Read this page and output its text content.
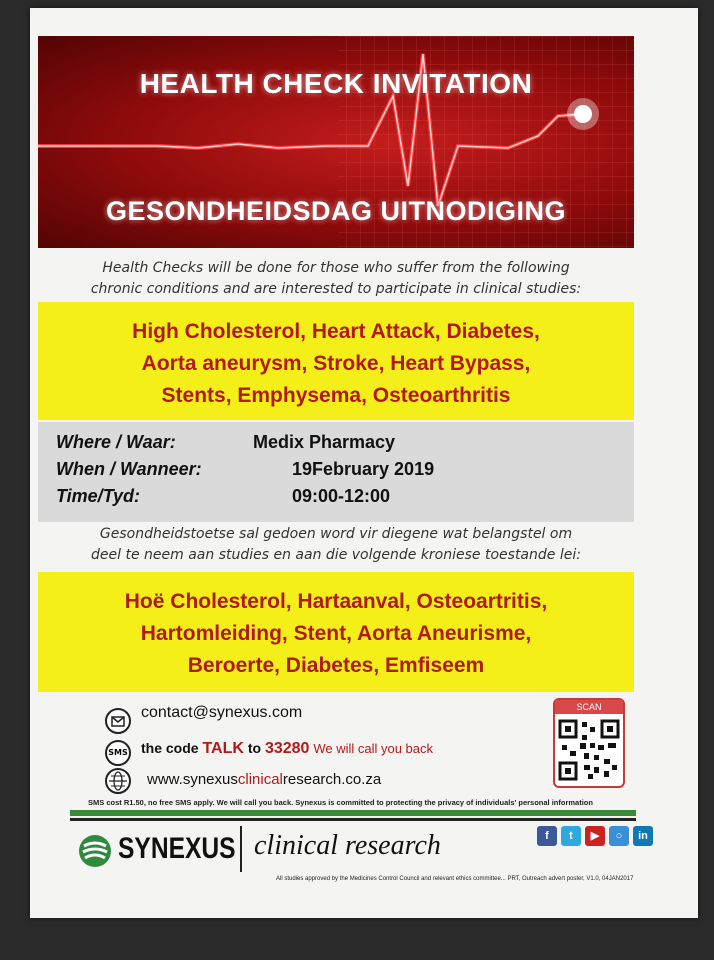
HEALTH CHECK INVITATION
GESONDHEIDSDAG UITNODIGING
Health Checks will be done for those who suffer from the following
chronic conditions and are interested to participate in clinical studies:
High Cholesterol, Heart Attack, Diabetes,
Aorta aneurysm, Stroke, Heart Bypass,
Stents, Emphysema, Osteoarthritis
Where / Waar:	Medix Pharmacy
When / Wanneer:	19February 2019
Time/Tyd:	09:00-12:00
Gesondheidstoetse sal gedoen word vir diegene wat belangstel om
deel te neem aan studies en aan die volgende kroniese toestande lei:
Hoë Cholesterol, Hartaanval, Osteoartritis,
Hartomleiding, Stent, Aorta Aneurisme,
Beroerte, Diabetes, Emfiseem
contact@synexus.com
SMS the code TALK to 33280 We will call you back
www.synexusclinicalresearch.co.za
SCAN
SMS cost R1.50, no free SMS apply. We will call you back. Synexus is committed to protecting the privacy of individuals' personal information
SYNEXUS clinical research	f	t	▶	○	in
All studies approved by the Medicines Control Council and relevant ethics committee... PRT, Outreach advert poster, V1.0, 04JAN2017
